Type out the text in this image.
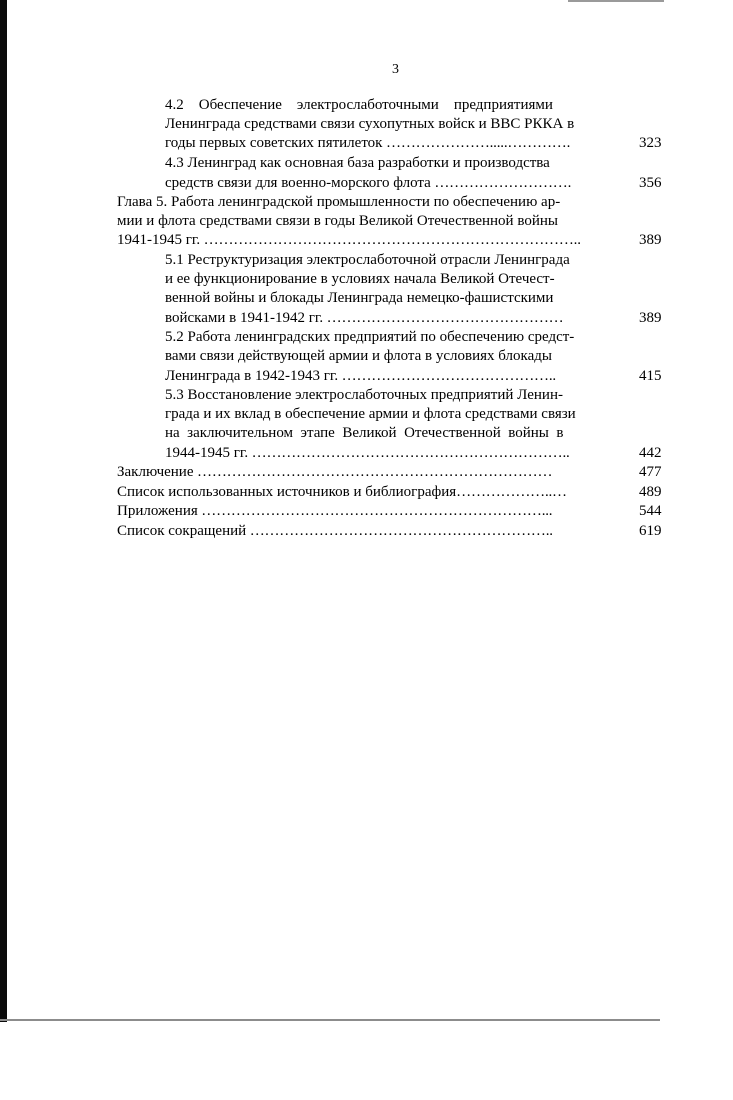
3
4.2    Обеспечение    электрослаботочными    предприятиями
Ленинграда средствами связи сухопутных войск и ВВС РККА в
годы первых советских пятилеток ………………….....………….	323
4.3 Ленинград как основная база разработки и производства
средств связи для военно-морского флота ……………………….	356
Глава 5. Работа ленинградской промышленности по обеспечению ар-
мии и флота средствами связи в годы Великой Отечественной войны
1941-1945 гг. …………………………………………………………………..	389
5.1 Реструктуризация электрослаботочной отрасли Ленинграда
и ее функционирование в условиях начала Великой Отечест-
венной войны и блокады Ленинграда немецко-фашистскими
войсками в 1941-1942 гг. …………………………………………	389
5.2 Работа ленинградских предприятий по обеспечению средст-
вами связи действующей армии и флота в условиях блокады
Ленинграда в 1942-1943 гг. ……………………………………..	415
5.3 Восстановление электрослаботочных предприятий Ленин-
града и их вклад в обеспечение армии и флота средствами связи
на  заключительном  этапе  Великой  Отечественной  войны  в
1944-1945 гг. ………………………………………………………..	442
Заключение ………………………………………………………………	477
Список использованных источников и библиография………………..…	489
Приложения ……………………………………………………………...	544
Список сокращений ……………………………………………………..	619
